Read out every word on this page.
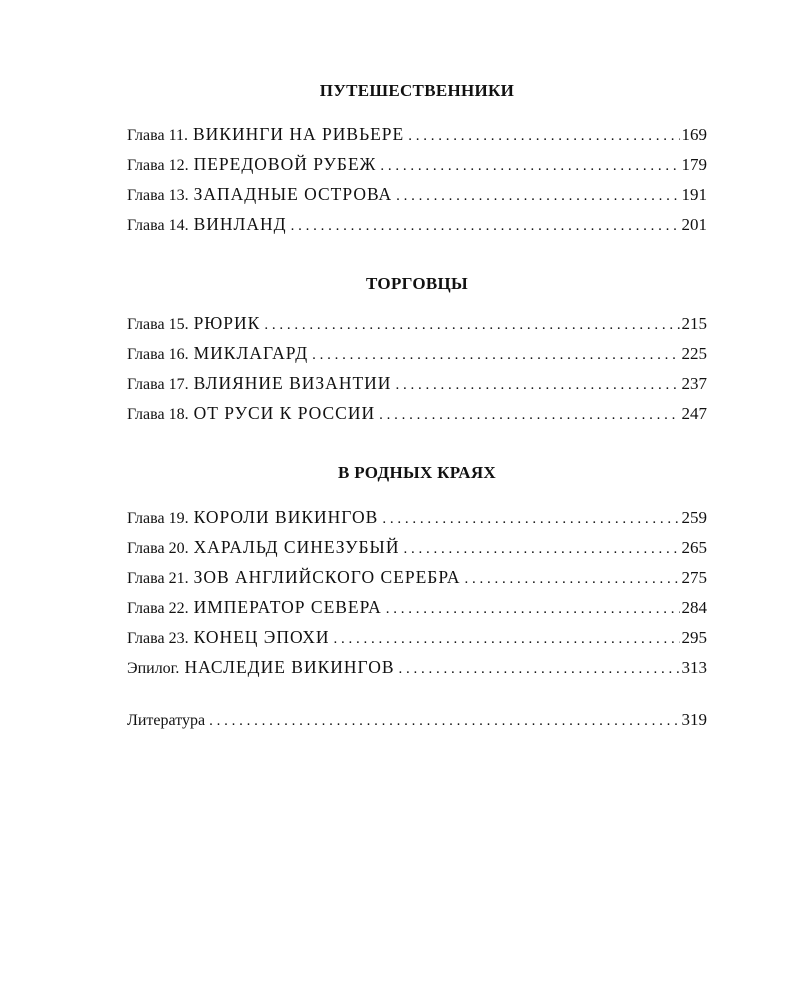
ПУТЕШЕСТВЕННИКИ
Глава 11. ВИКИНГИ НА РИВЬЕРЕ . . .	169
Глава 12. ПЕРЕДОВОЙ РУБЕЖ . . .	179
Глава 13. ЗАПАДНЫЕ ОСТРОВА . . .	191
Глава 14. ВИНЛАНД . . .	201
ТОРГОВЦЫ
Глава 15. РЮРИК . . .	215
Глава 16. МИКЛАГАРД . . .	225
Глава 17. ВЛИЯНИЕ ВИЗАНТИИ . . .	237
Глава 18. ОТ РУСИ К РОССИИ . . .	247
В РОДНЫХ КРАЯХ
Глава 19. КОРОЛИ ВИКИНГОВ . . .	259
Глава 20. ХАРАЛЬД СИНЕЗУБЫЙ . . .	265
Глава 21. ЗОВ АНГЛИЙСКОГО СЕРЕБРА . . .	275
Глава 22. ИМПЕРАТОР СЕВЕРА . . .	284
Глава 23. КОНЕЦ ЭПОХИ . . .	295
Эпилог. НАСЛЕДИЕ ВИКИНГОВ . . .	313
Литература . . .	319
